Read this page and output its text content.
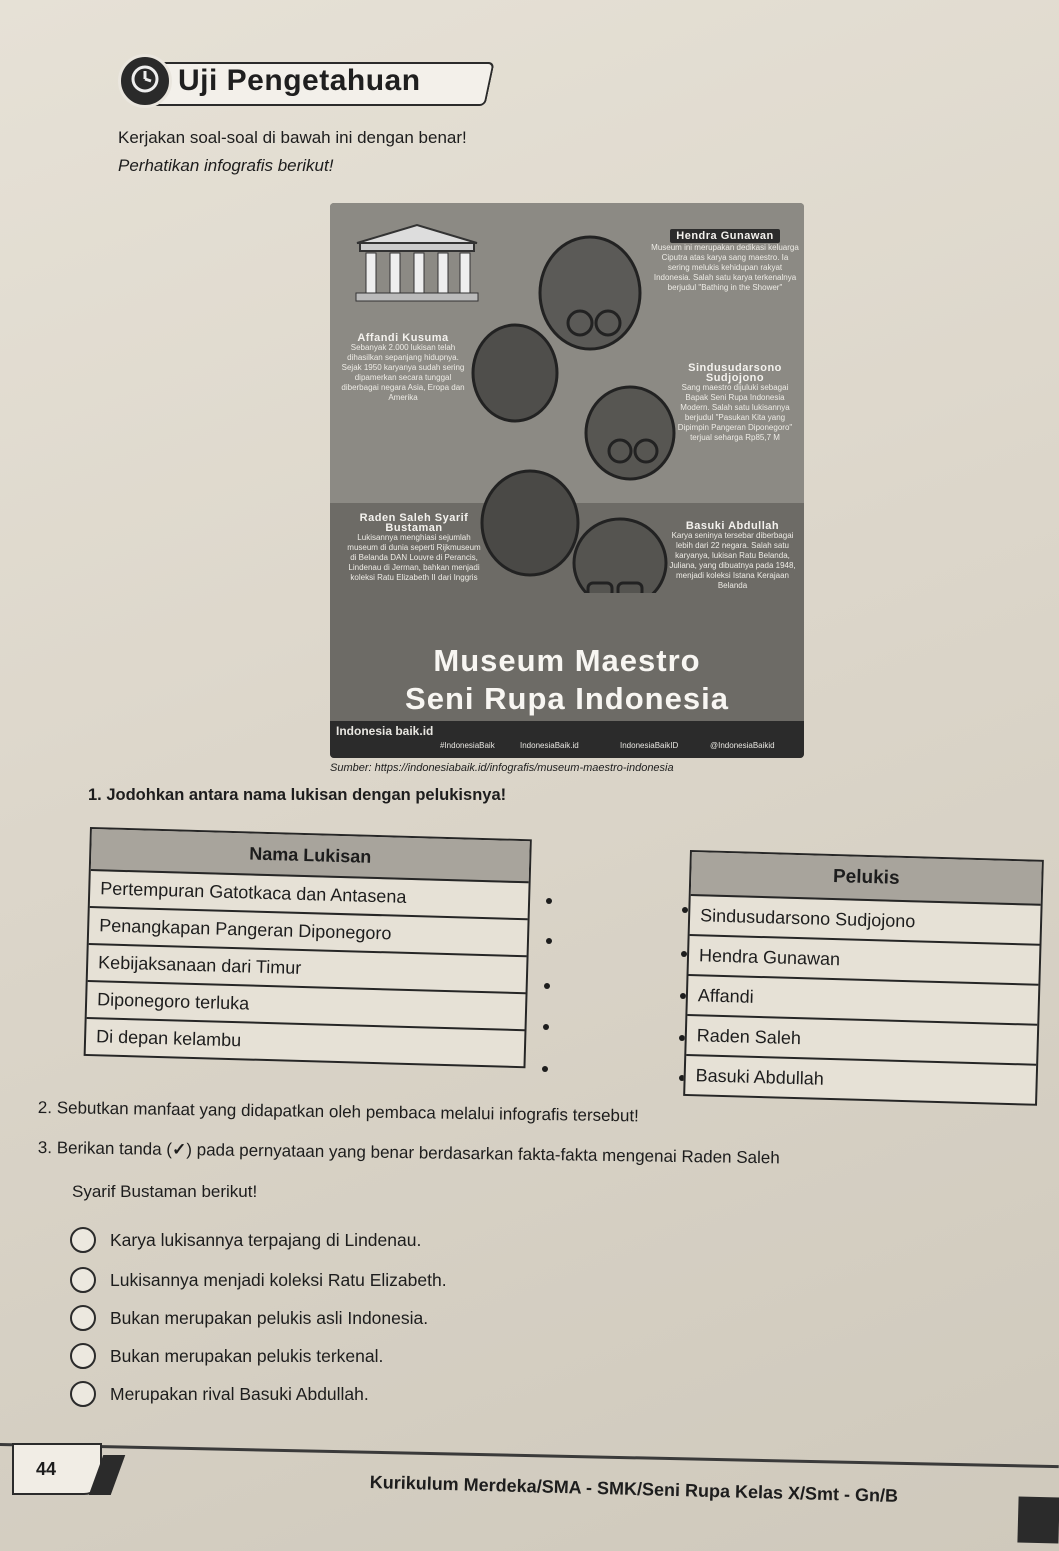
Uji Pengetahuan
Kerjakan soal-soal di bawah ini dengan benar!
Perhatikan infografis berikut!
Hendra Gunawan
Museum ini merupakan dedikasi keluarga Ciputra atas karya sang maestro. Ia sering melukis kehidupan rakyat Indonesia. Salah satu karya terkenalnya berjudul "Bathing in the Shower"
Affandi Kusuma
Sebanyak 2.000 lukisan telah dihasilkan sepanjang hidupnya. Sejak 1950 karyanya sudah sering dipamerkan secara tunggal diberbagai negara Asia, Eropa dan Amerika
Sindusudarsono Sudjojono
Sang maestro dijuluki sebagai Bapak Seni Rupa Indonesia Modern. Salah satu lukisannya berjudul "Pasukan Kita yang Dipimpin Pangeran Diponegoro" terjual seharga Rp85,7 M
Raden Saleh Syarif Bustaman
Lukisannya menghiasi sejumlah museum di dunia seperti Rijkmuseum di Belanda DAN Louvre di Perancis, Lindenau di Jerman, bahkan menjadi koleksi Ratu Elizabeth II dari Inggris
Basuki Abdullah
Karya seninya tersebar diberbagai lebih dari 22 negara. Salah satu karyanya, lukisan Ratu Belanda, Juliana, yang dibuatnya pada 1948, menjadi koleksi Istana Kerajaan Belanda
Museum Maestro
Seni Rupa Indonesia
Indonesia baik.id
#IndonesiaBaik	IndonesiaBaik.id	IndonesiaBaikID	@IndonesiaBaikid
Sumber: https://indonesiabaik.id/infografis/museum-maestro-indonesia
1. Jodohkan antara nama lukisan dengan pelukisnya!
Nama Lukisan
Pertempuran Gatotkaca dan Antasena
Penangkapan Pangeran Diponegoro
Kebijaksanaan dari Timur
Diponegoro terluka
Di depan kelambu
Pelukis
Sindusudarsono Sudjojono
Hendra Gunawan
Affandi
Raden Saleh
Basuki Abdullah
2. Sebutkan manfaat yang didapatkan oleh pembaca melalui infografis tersebut!
3. Berikan tanda (✓) pada pernyataan yang benar berdasarkan fakta-fakta mengenai Raden Saleh
Syarif Bustaman berikut!
Karya lukisannya terpajang di Lindenau.
Lukisannya menjadi koleksi Ratu Elizabeth.
Bukan merupakan pelukis asli Indonesia.
Bukan merupakan pelukis terkenal.
Merupakan rival Basuki Abdullah.
44
Kurikulum Merdeka/SMA - SMK/Seni Rupa Kelas X/Smt - Gn/B
